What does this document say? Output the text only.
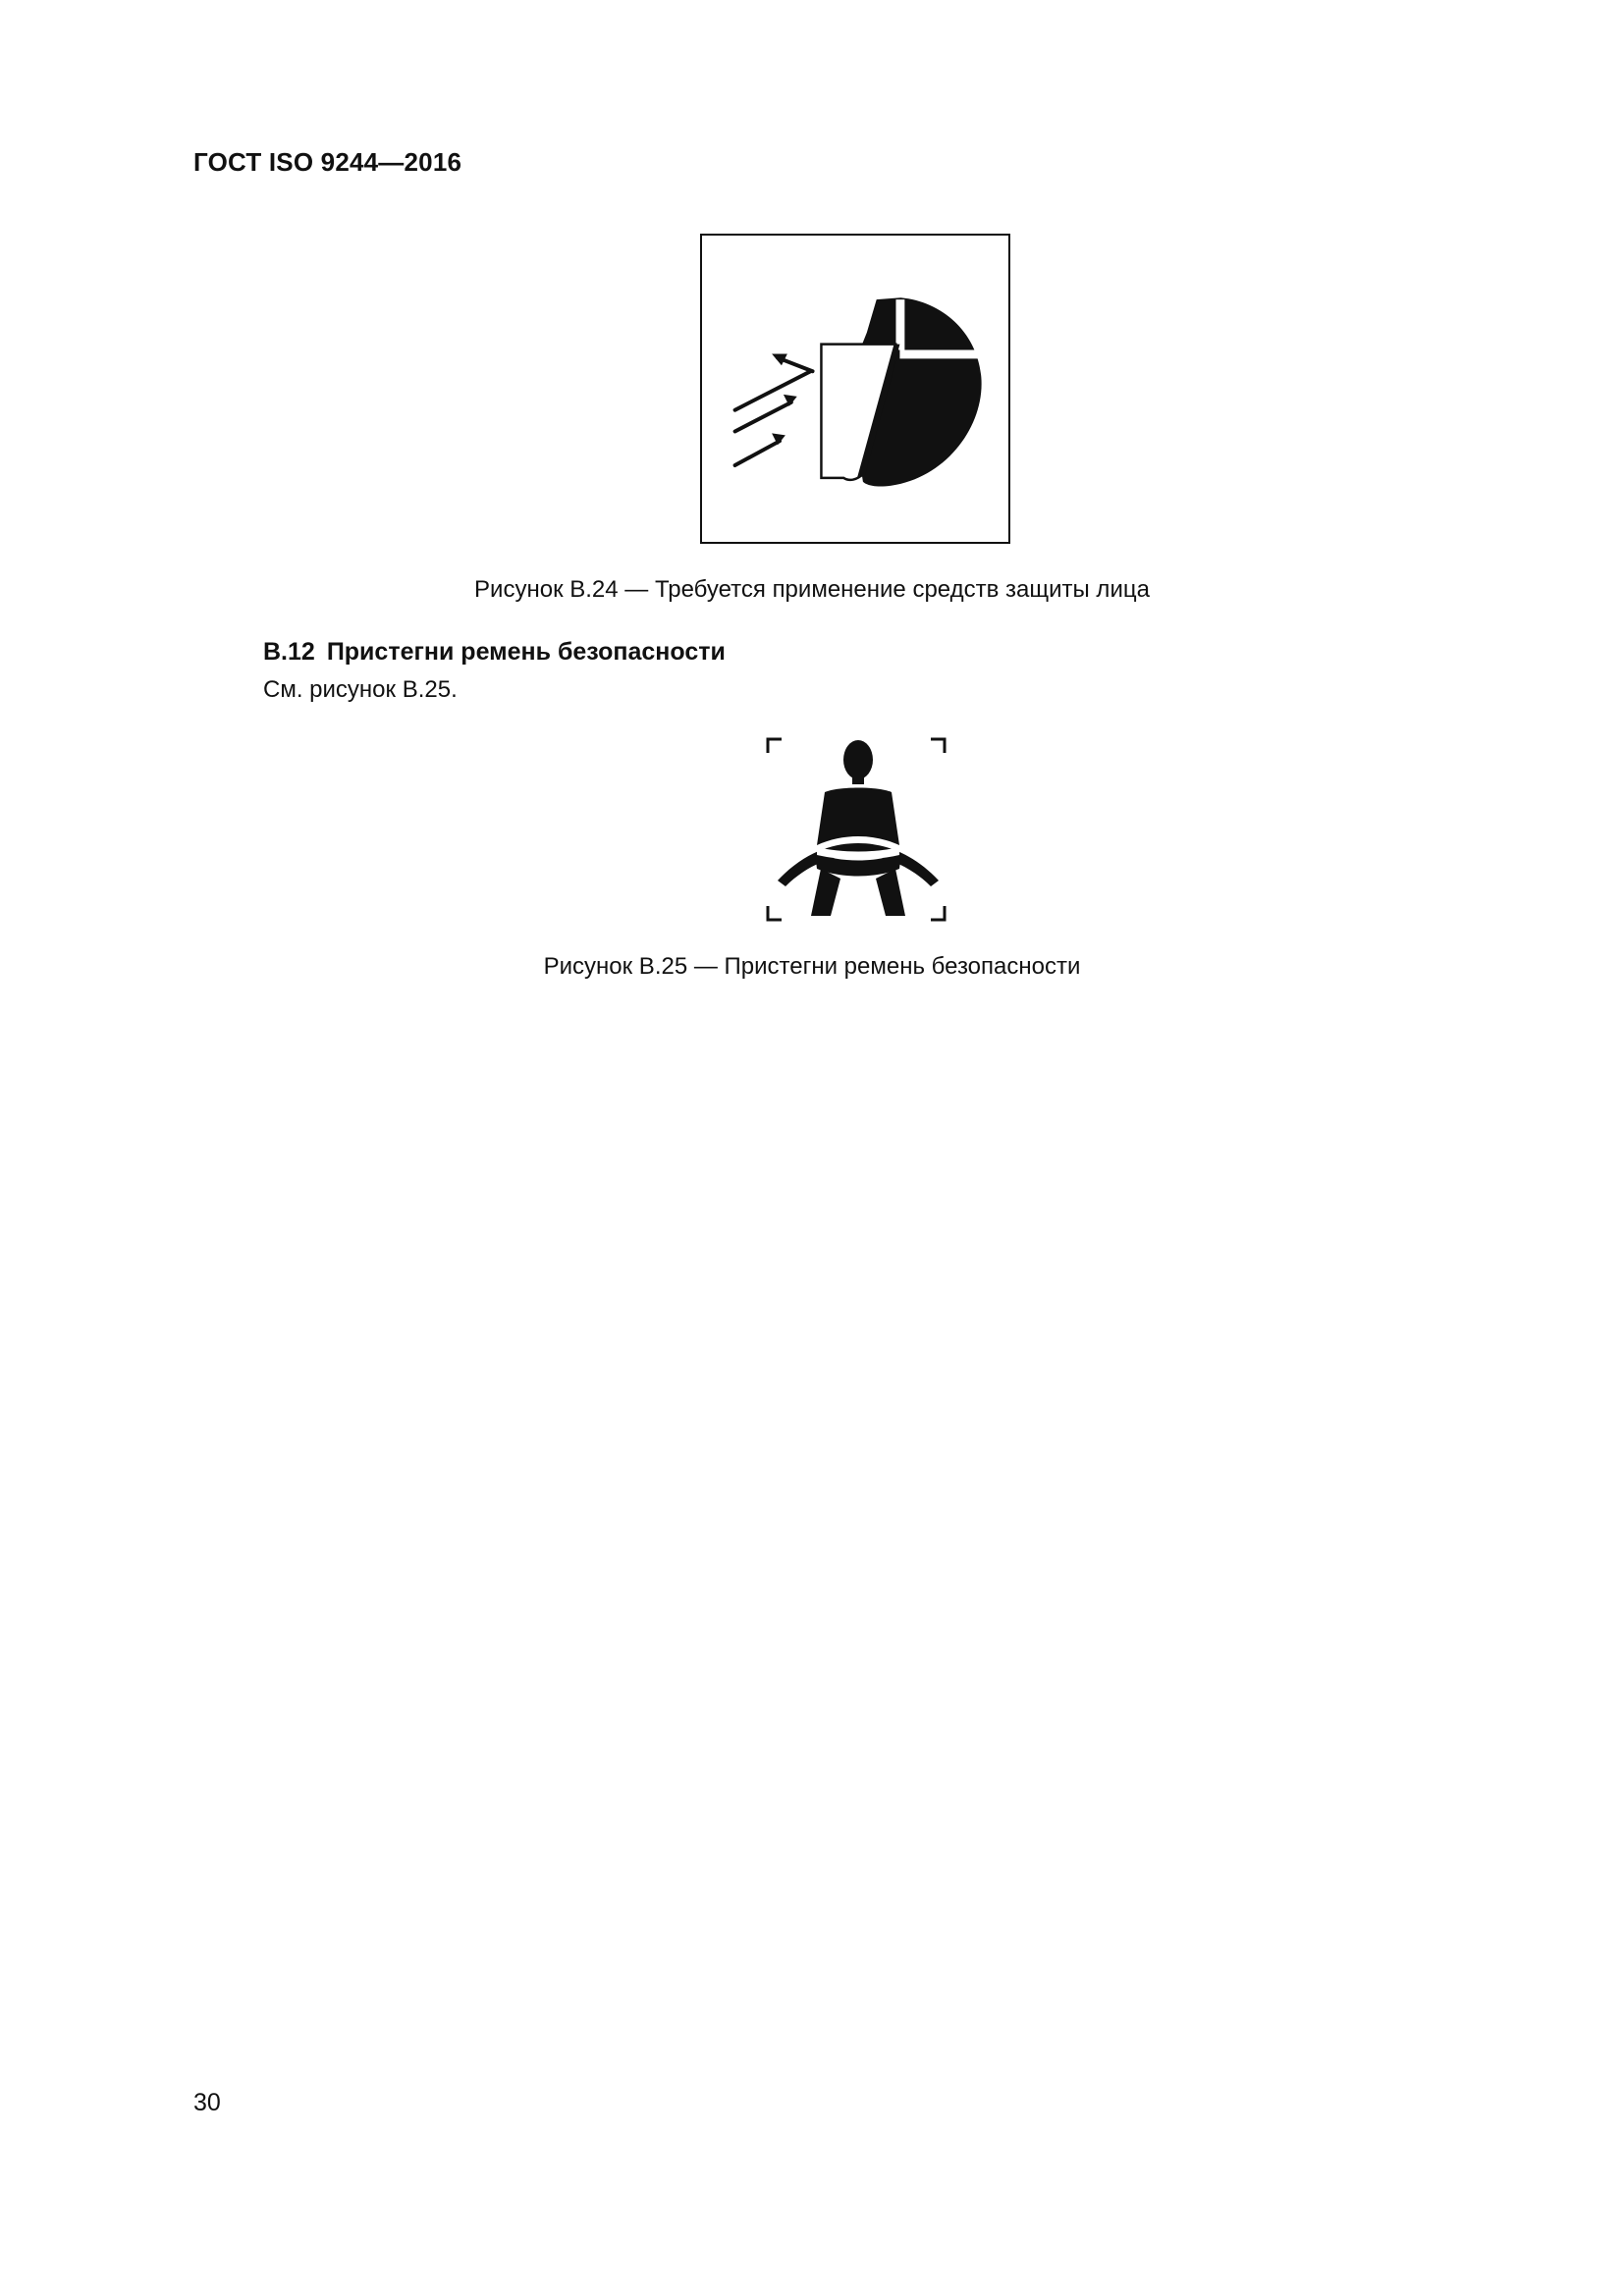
ГОСТ ISO 9244—2016
Рисунок В.24 — Требуется применение средств защиты лица
В.12 Пристегни ремень безопасности
См. рисунок В.25.
Рисунок В.25 — Пристегни ремень безопасности
30
